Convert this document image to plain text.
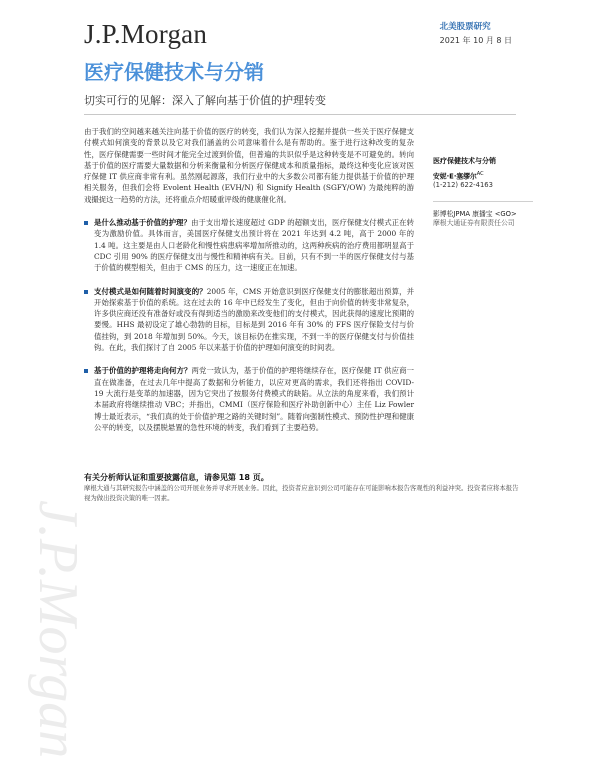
J.P.Morgan	北美股票研究
2021 年 10 月 8 日
医疗保健技术与分销
切实可行的见解：深入了解向基于价值的护理转变

由于我们的空间越来越关注向基于价值的医疗的转变，我们认为深入挖掘并提供一些关于医疗保健支付模式如何演变的背景以及它对我们涵盖的公司意味着什么是有帮助的。鉴于进行这种改变的复杂性，医疗保健需要一些时间才能完全过渡到价值，但普遍的共识似乎是这种转变是不可避免的。转向基于价值的医疗需要大量数据和分析来衡量和分析医疗保健成本和质量指标，最终这种变化应该对医疗保健 IT 供应商非常有利。虽然刚起源落，我们行业中的大多数公司都有能力提供基于价值的护理相关服务，但我们会将 Evolent Health (EVH/N) 和 Signify Health (SGFY/OW) 为最纯粹的游戏撮捉这一趋势的方法，还将重点介绍暖重评级的健康催化剂。

是什么推动基于价值的护理？由于支出增长速度超过 GDP 的超额支出，医疗保健支付模式正在转变为激励价值。具体而言，美国医疗保健支出预计将在 2021 年达到 4.2 吨，高于 2000 年的 1.4 吨。这主要是由人口老龄化和慢性病患病率增加所推动的，这两种疾病的治疗费用都明显高于 CDC 引用 90% 的医疗保健支出与慢性和精神病有关。目前，只有不到一半的医疗保健支付与基于价值的模型相关，但由于 CMS 的压力，这一速度正在加速。
支付模式是如何随着时间演变的？2005 年，CMS 开始意识到医疗保健支付的膨胀超出预算，并开始探索基于价值的系统。这在过去的 16 年中已经发生了变化，但由于向价值的转变非常复杂，许多供应商还没有准备好或没有得到适当的激励来改变他们的支付模式，因此获得的速度比预期的要慢。HHS 最初设定了雄心勃勃的目标，目标是到 2016 年有 30% 的 FFS 医疗保险支付与价值挂钩，到 2018 年增加到 50%。今天，该目标仍在推实现，不到一半的医疗保健支付与价值挂钩。在此，我们探讨了自 2005 年以来基于价值的护理如何演变的时间表。
基于价值的护理将走向何方？两党一致认为，基于价值的护理将继续存在，医疗保健 IT 供应商一直在做准备，在过去几年中提高了数据和分析能力，以应对更高的需求，我们还将指出 COVID-19 大流行是变革的加速器，因为它突出了按服务付费模式的缺陷。从立法的角度来看，我们预计本届政府将继续推动 VBC；并指出，CMMI（医疗保险和医疗补助创新中心）主任 Liz Fowler 博士最近表示，“我们真的处于价值护理之路的关键时刻”。随着向强制性模式、预防性护理和健康公平的转变，以及摆脱悬置的急性环境的转变，我们看到了主要趋势。
医疗保健技术与分销
安妮·E·塞缪尔$^{AC}$
(1-212) 622-4163
影博松JPMA 康播宝 <GO>
摩根大通证券有限责任公司
有关分析师认证和重要披露信息，请参见第 18 页。
摩根大通与其研究报告中涵盖的公司开展业务并寻求开展业务。因此，投资者应意识到公司可能存在可能影响本报告客观性的利益冲突。投资者应将本报告视为做出投资决策的唯一因素。
J.P.Morgan
